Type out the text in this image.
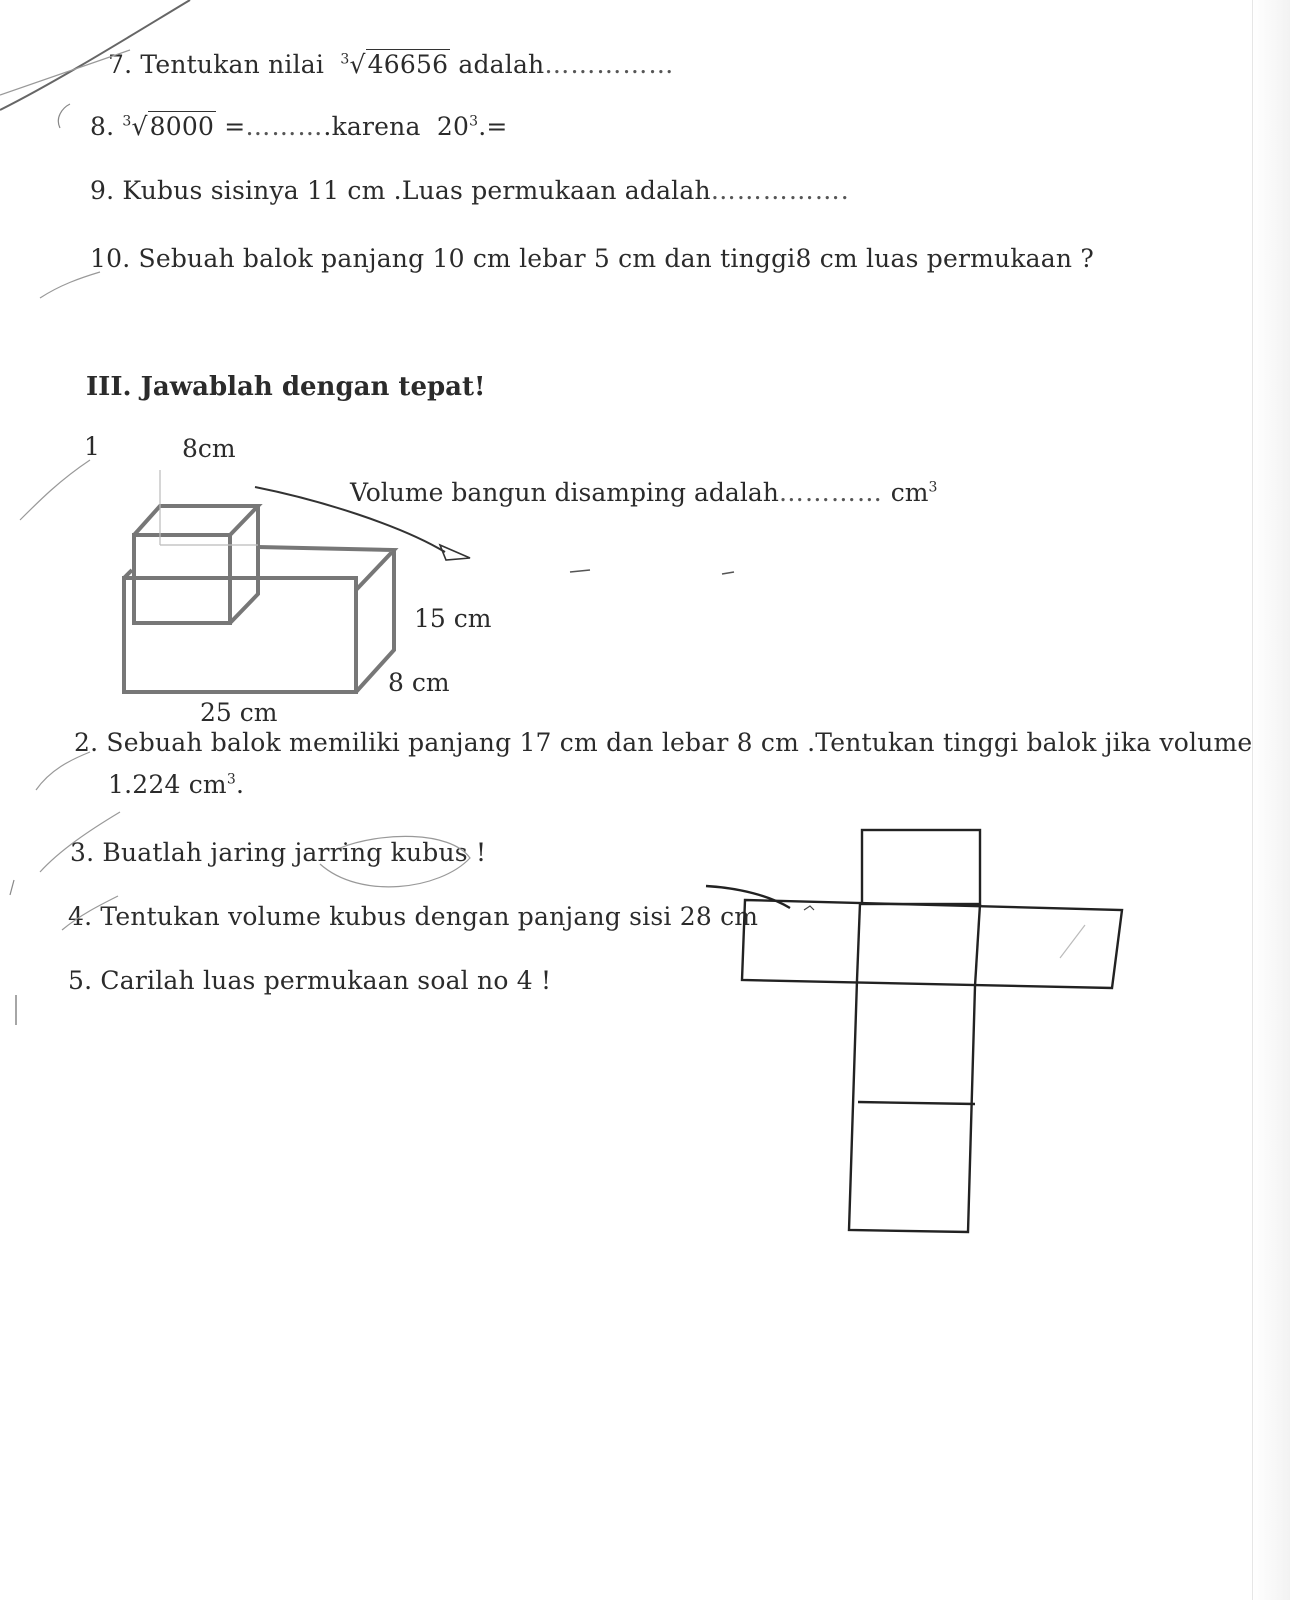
7. Tentukan nilai $^3$√46656 adalah……………
8. $^3$√8000 =……….karena $20^3.=$
9. Kubus sisinya 11 cm .Luas permukaan adalah…………….
10. Sebuah balok panjang 10 cm lebar 5 cm dan tinggi8 cm luas permukaan ?
III. Jawablah dengan tepat!
1	8cm
Volume bangun disamping adalah………… $cm^3$
15 cm
8 cm
25 cm
2. Sebuah balok memiliki panjang 17 cm dan lebar 8 cm .Tentukan tinggi balok jika volume
1.224 $cm^3$.
3. Buatlah jaring jarring kubus !
4. Tentukan volume kubus dengan panjang sisi 28 cm
5. Carilah luas permukaan soal no 4 !
